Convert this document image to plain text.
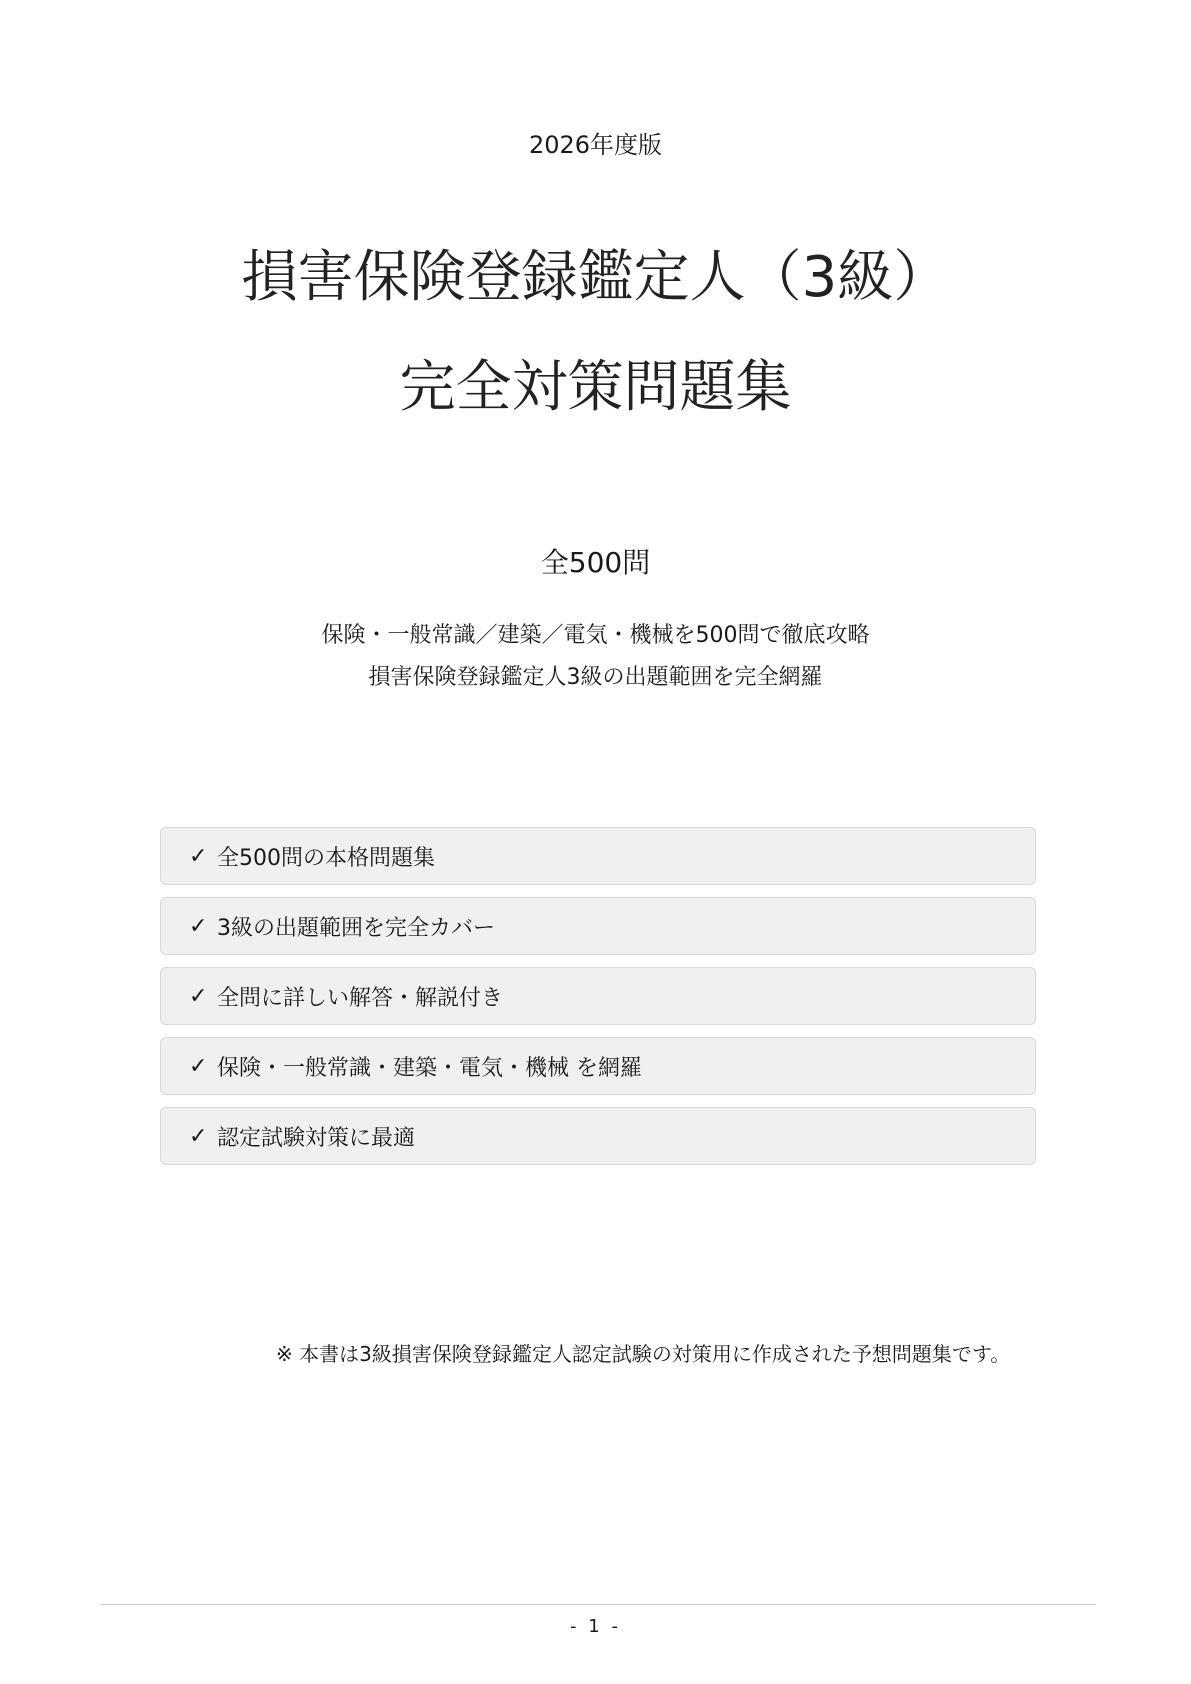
2026年度版
損害保険登録鑑定人（3級）
完全対策問題集
全500問
保険・一般常識／建築／電気・機械を500問で徹底攻略
損害保険登録鑑定人3級の出題範囲を完全網羅
✓ 全500問の本格問題集
✓ 3級の出題範囲を完全カバー
✓ 全問に詳しい解答・解説付き
✓ 保険・一般常識・建築・電気・機械 を網羅
✓ 認定試験対策に最適
※ 本書は3級損害保険登録鑑定人認定試験の対策用に作成された予想問題集です。
- 1 -
